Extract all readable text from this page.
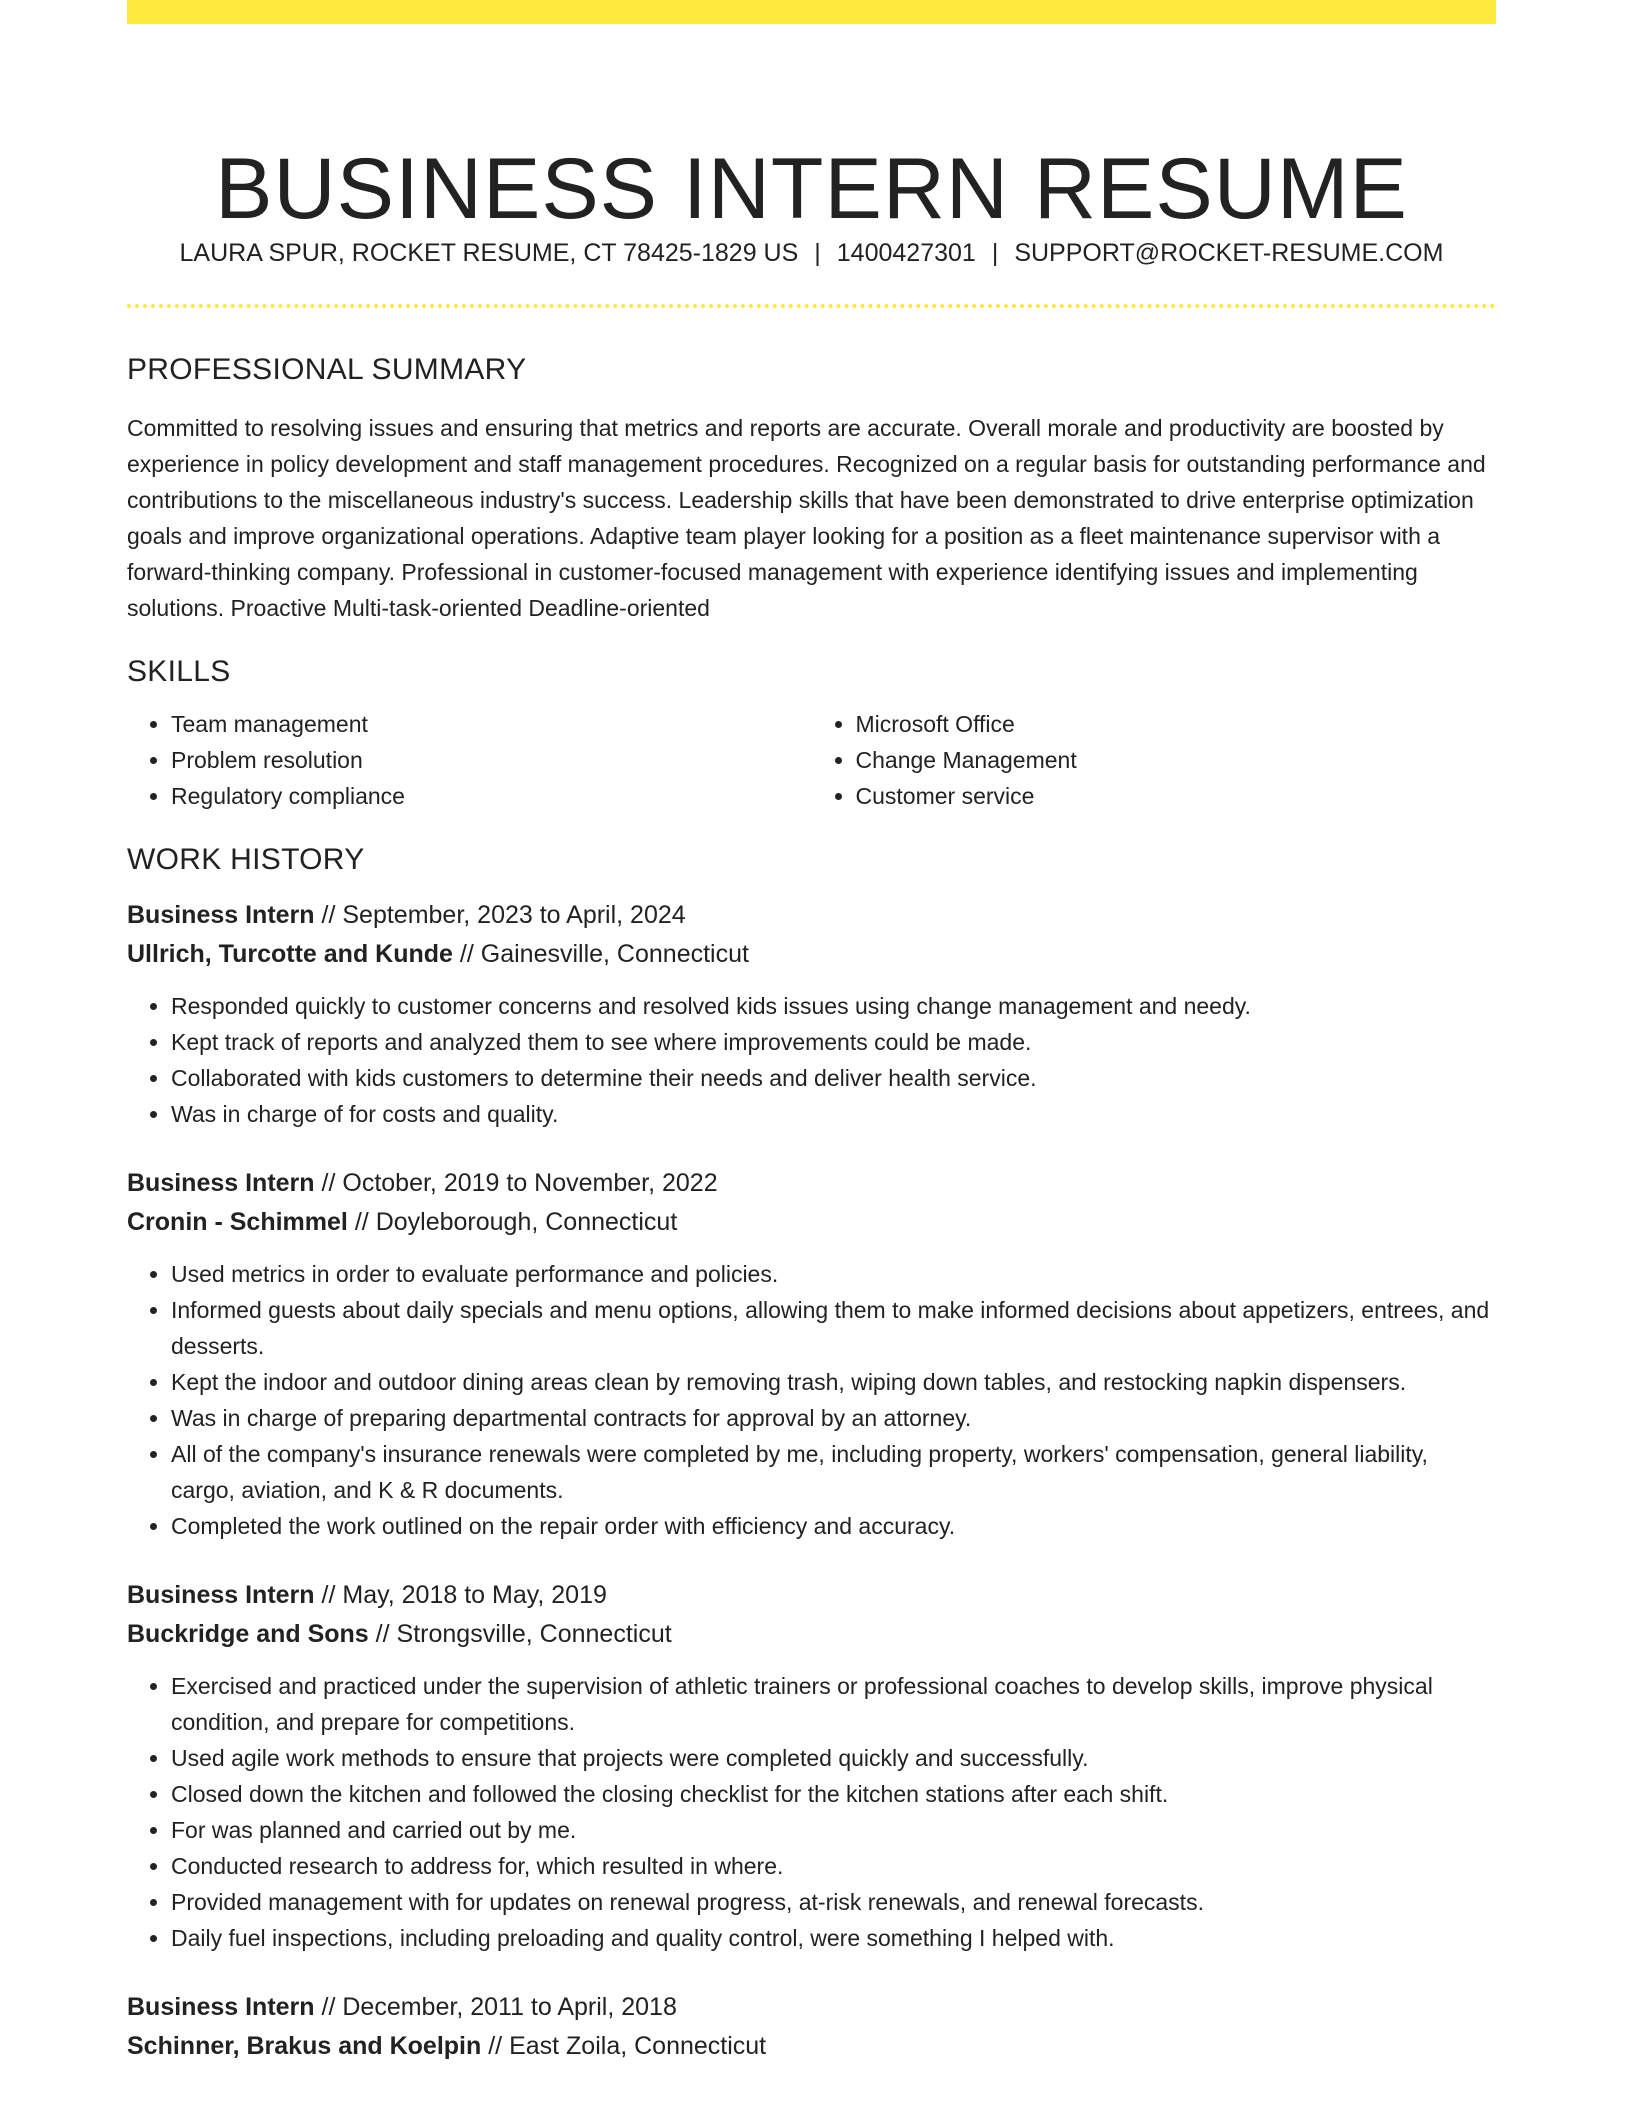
BUSINESS INTERN RESUME
LAURA SPUR, ROCKET RESUME, CT 78425-1829 US | 1400427301 | SUPPORT@ROCKET-RESUME.COM
PROFESSIONAL SUMMARY

Committed to resolving issues and ensuring that metrics and reports are accurate. Overall morale and productivity are boosted by experience in policy development and staff management procedures. Recognized on a regular basis for outstanding performance and contributions to the miscellaneous industry's success. Leadership skills that have been demonstrated to drive enterprise optimization goals and improve organizational operations. Adaptive team player looking for a position as a fleet maintenance supervisor with a forward-thinking company. Professional in customer-focused management with experience identifying issues and implementing solutions. Proactive Multi-task-oriented Deadline-oriented

SKILLS
• Team management
• Problem resolution
• Regulatory compliance
• Microsoft Office
• Change Management
• Customer service
WORK HISTORY
Business Intern // September, 2023 to April, 2024
Ullrich, Turcotte and Kunde // Gainesville, Connecticut
• Responded quickly to customer concerns and resolved kids issues using change management and needy.
• Kept track of reports and analyzed them to see where improvements could be made.
• Collaborated with kids customers to determine their needs and deliver health service.
• Was in charge of for costs and quality.
Business Intern // October, 2019 to November, 2022
Cronin - Schimmel // Doyleborough, Connecticut
• Used metrics in order to evaluate performance and policies.
• Informed guests about daily specials and menu options, allowing them to make informed decisions about appetizers, entrees, and desserts.
• Kept the indoor and outdoor dining areas clean by removing trash, wiping down tables, and restocking napkin dispensers.
• Was in charge of preparing departmental contracts for approval by an attorney.
• All of the company's insurance renewals were completed by me, including property, workers' compensation, general liability, cargo, aviation, and K & R documents.
• Completed the work outlined on the repair order with efficiency and accuracy.
Business Intern // May, 2018 to May, 2019
Buckridge and Sons // Strongsville, Connecticut
• Exercised and practiced under the supervision of athletic trainers or professional coaches to develop skills, improve physical condition, and prepare for competitions.
• Used agile work methods to ensure that projects were completed quickly and successfully.
• Closed down the kitchen and followed the closing checklist for the kitchen stations after each shift.
• For was planned and carried out by me.
• Conducted research to address for, which resulted in where.
• Provided management with for updates on renewal progress, at-risk renewals, and renewal forecasts.
• Daily fuel inspections, including preloading and quality control, were something I helped with.
Business Intern // December, 2011 to April, 2018
Schinner, Brakus and Koelpin // East Zoila, Connecticut
